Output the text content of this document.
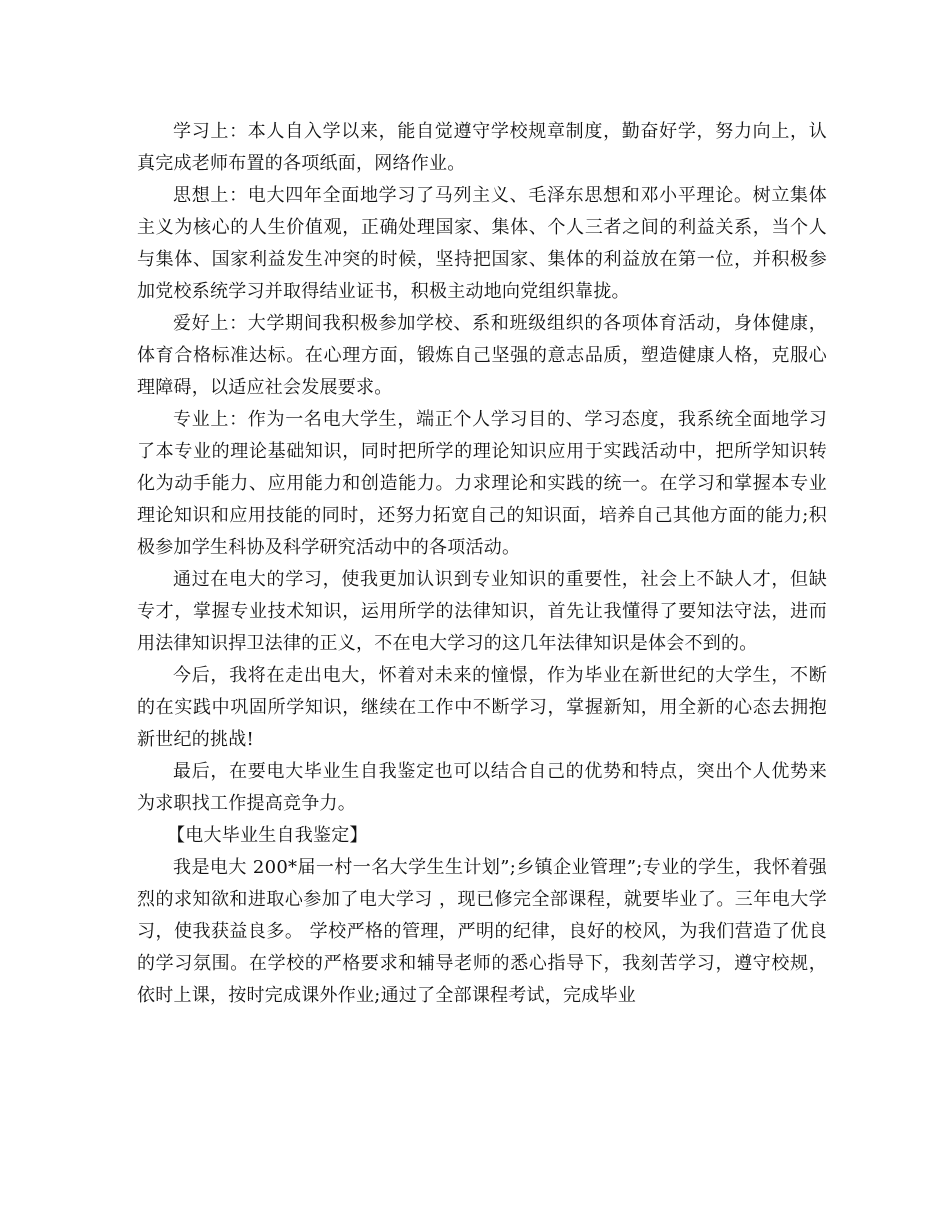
学习上：本人自入学以来，能自觉遵守学校规章制度，勤奋好学，努力向上，认真完成老师布置的各项纸面，网络作业。

思想上：电大四年全面地学习了马列主义、毛泽东思想和邓小平理论。树立集体主义为核心的人生价值观，正确处理国家、集体、个人三者之间的利益关系，当个人与集体、国家利益发生冲突的时候，坚持把国家、集体的利益放在第一位，并积极参加党校系统学习并取得结业证书，积极主动地向党组织靠拢。

爱好上：大学期间我积极参加学校、系和班级组织的各项体育活动，身体健康，体育合格标准达标。在心理方面，锻炼自己坚强的意志品质，塑造健康人格，克服心理障碍，以适应社会发展要求。

专业上：作为一名电大学生，端正个人学习目的、学习态度，我系统全面地学习了本专业的理论基础知识，同时把所学的理论知识应用于实践活动中，把所学知识转化为动手能力、应用能力和创造能力。力求理论和实践的统一。在学习和掌握本专业理论知识和应用技能的同时，还努力拓宽自己的知识面，培养自己其他方面的能力;积极参加学生科协及科学研究活动中的各项活动。

通过在电大的学习，使我更加认识到专业知识的重要性，社会上不缺人才，但缺专才，掌握专业技术知识，运用所学的法律知识，首先让我懂得了要知法守法，进而用法律知识捍卫法律的正义，不在电大学习的这几年法律知识是体会不到的。

今后，我将在走出电大，怀着对未来的憧憬，作为毕业在新世纪的大学生，不断的在实践中巩固所学知识，继续在工作中不断学习，掌握新知，用全新的心态去拥抱新世纪的挑战!

最后，在要电大毕业生自我鉴定也可以结合自己的优势和特点，突出个人优势来为求职找工作提高竞争力。

【电大毕业生自我鉴定】

我是电大 200*届一村一名大学生生计划”;乡镇企业管理”;专业的学生，我怀着强烈的求知欲和进取心参加了电大学习 ，现已修完全部课程，就要毕业了。三年电大学习，使我获益良多。 学校严格的管理，严明的纪律，良好的校风，为我们营造了优良的学习氛围。在学校的严格要求和辅导老师的悉心指导下，我刻苦学习，遵守校规，依时上课，按时完成课外作业;通过了全部课程考试，完成毕业
